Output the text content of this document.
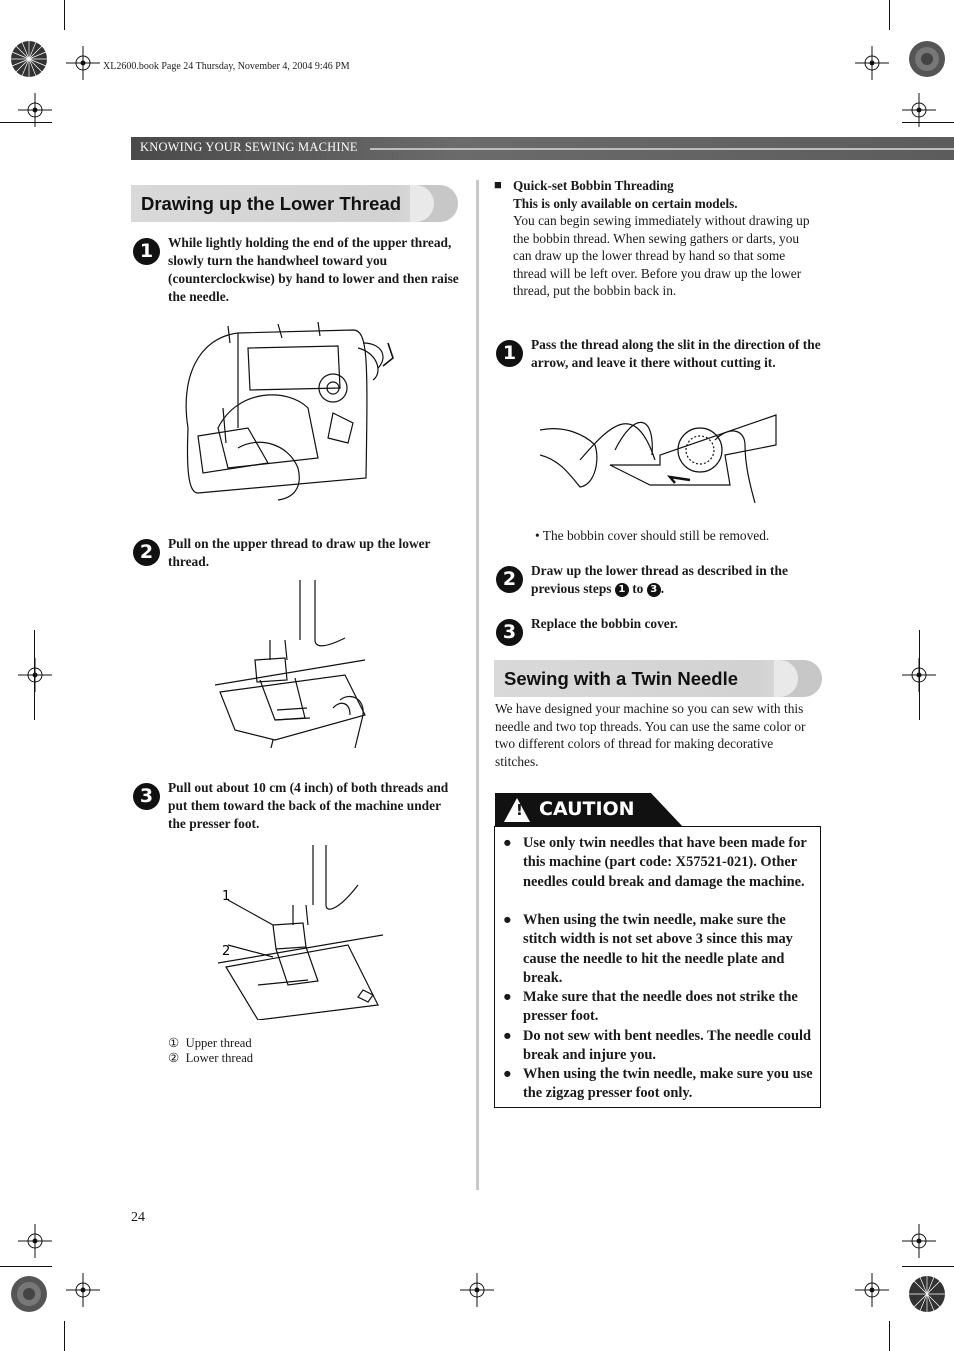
XL2600.book Page 24 Thursday, November 4, 2004 9:46 PM
KNOWING YOUR SEWING MACHINE
Drawing up the Lower Thread
1	While lightly holding the end of the upper thread, slowly turn the handwheel toward you (counterclockwise) by hand to lower and then raise the needle.
2	Pull on the upper thread to draw up the lower thread.
3	Pull out about 10 cm (4 inch) of both threads and put them toward the back of the machine under the presser foot.
1
2
① Upper thread
② Lower thread
■ Quick-set Bobbin Threading
This is only available on certain models.
You can begin sewing immediately without drawing up the bobbin thread. When sewing gathers or darts, you can draw up the lower thread by hand so that some thread will be left over. Before you draw up the lower thread, put the bobbin back in.
1	Pass the thread along the slit in the direction of the arrow, and leave it there without cutting it.
• The bobbin cover should still be removed.
2	Draw up the lower thread as described in the previous steps 1 to 3 .
3	Replace the bobbin cover.
Sewing with a Twin Needle
We have designed your machine so you can sew with this needle and two top threads. You can use the same color or two different colors of thread for making decorative stitches.
! CAUTION
● Use only twin needles that have been made for this machine (part code: X57521-021). Other needles could break and damage the machine.
● When using the twin needle, make sure the stitch width is not set above 3 since this may cause the needle to hit the needle plate and break.
● Make sure that the needle does not strike the presser foot.
● Do not sew with bent needles. The needle could break and injure you.
● When using the twin needle, make sure you use the zigzag presser foot only.
24
